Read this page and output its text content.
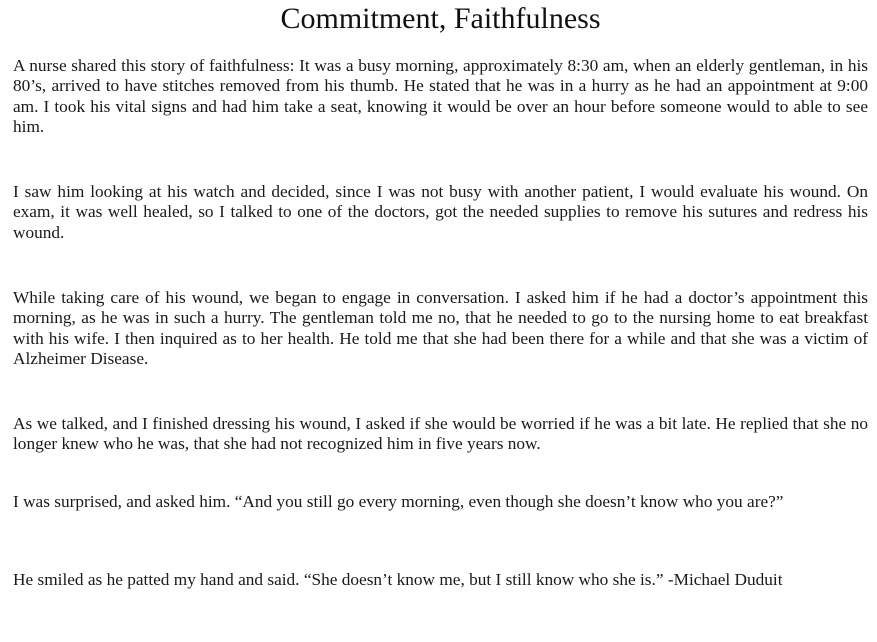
Commitment, Faithfulness

A nurse shared this story of faithfulness: It was a busy morning, approximately 8:30 am, when an elderly gentleman, in his 80’s, arrived to have stitches removed from his thumb. He stated that he was in a hurry as he had an appointment at 9:00 am. I took his vital signs and had him take a seat, knowing it would be over an hour before someone would to able to see him.

I saw him looking at his watch and decided, since I was not busy with another patient, I would evaluate his wound. On exam, it was well healed, so I talked to one of the doctors, got the needed supplies to remove his sutures and redress his wound.

While taking care of his wound, we began to engage in conversation. I asked him if he had a doctor’s appointment this morning, as he was in such a hurry. The gentleman told me no, that he needed to go to the nursing home to eat breakfast with his wife. I then inquired as to her health. He told me that she had been there for a while and that she was a victim of Alzheimer Disease.

As we talked, and I finished dressing his wound, I asked if she would be worried if he was a bit late. He replied that she no longer knew who he was, that she had not recognized him in five years now.

I was surprised, and asked him. “And you still go every morning, even though she doesn’t know who you are?”

He smiled as he patted my hand and said. “She doesn’t know me, but I still know who she is.” -Michael Duduit
